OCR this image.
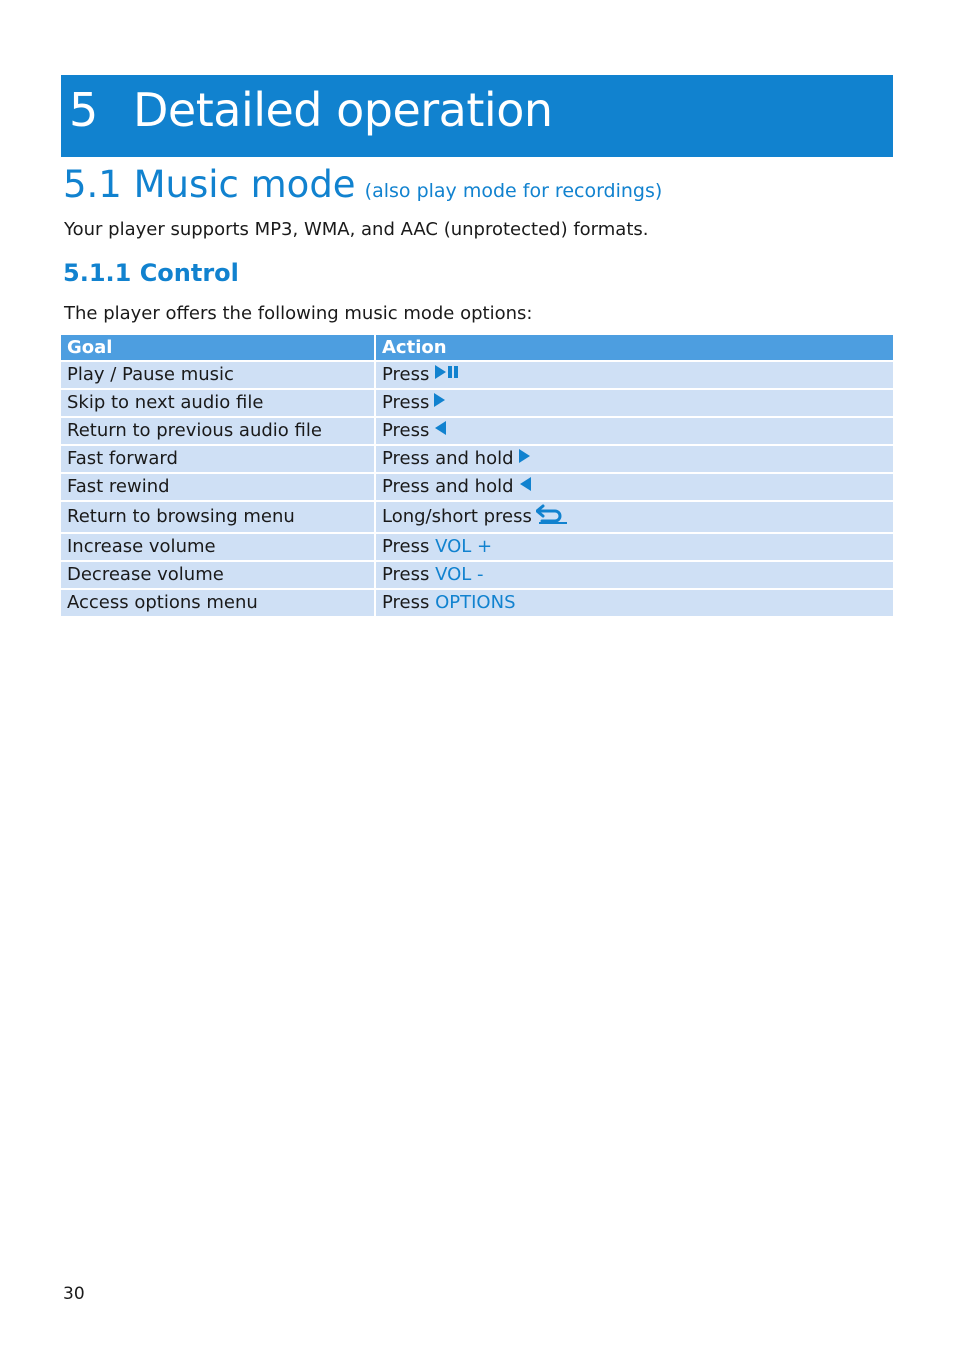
5 Detailed operation
5.1 Music mode (also play mode for recordings)
Your player supports MP3, WMA, and AAC (unprotected) formats.
5.1.1 Control
The player offers the following music mode options:
Goal	Action
Play / Pause music	Press
Skip to next audio file	Press
Return to previous audio file	Press
Fast forward	Press and hold
Fast rewind	Press and hold
Return to browsing menu	Long/short press
Increase volume	Press VOL +
Decrease volume	Press VOL -
Access options menu	Press OPTIONS
30
